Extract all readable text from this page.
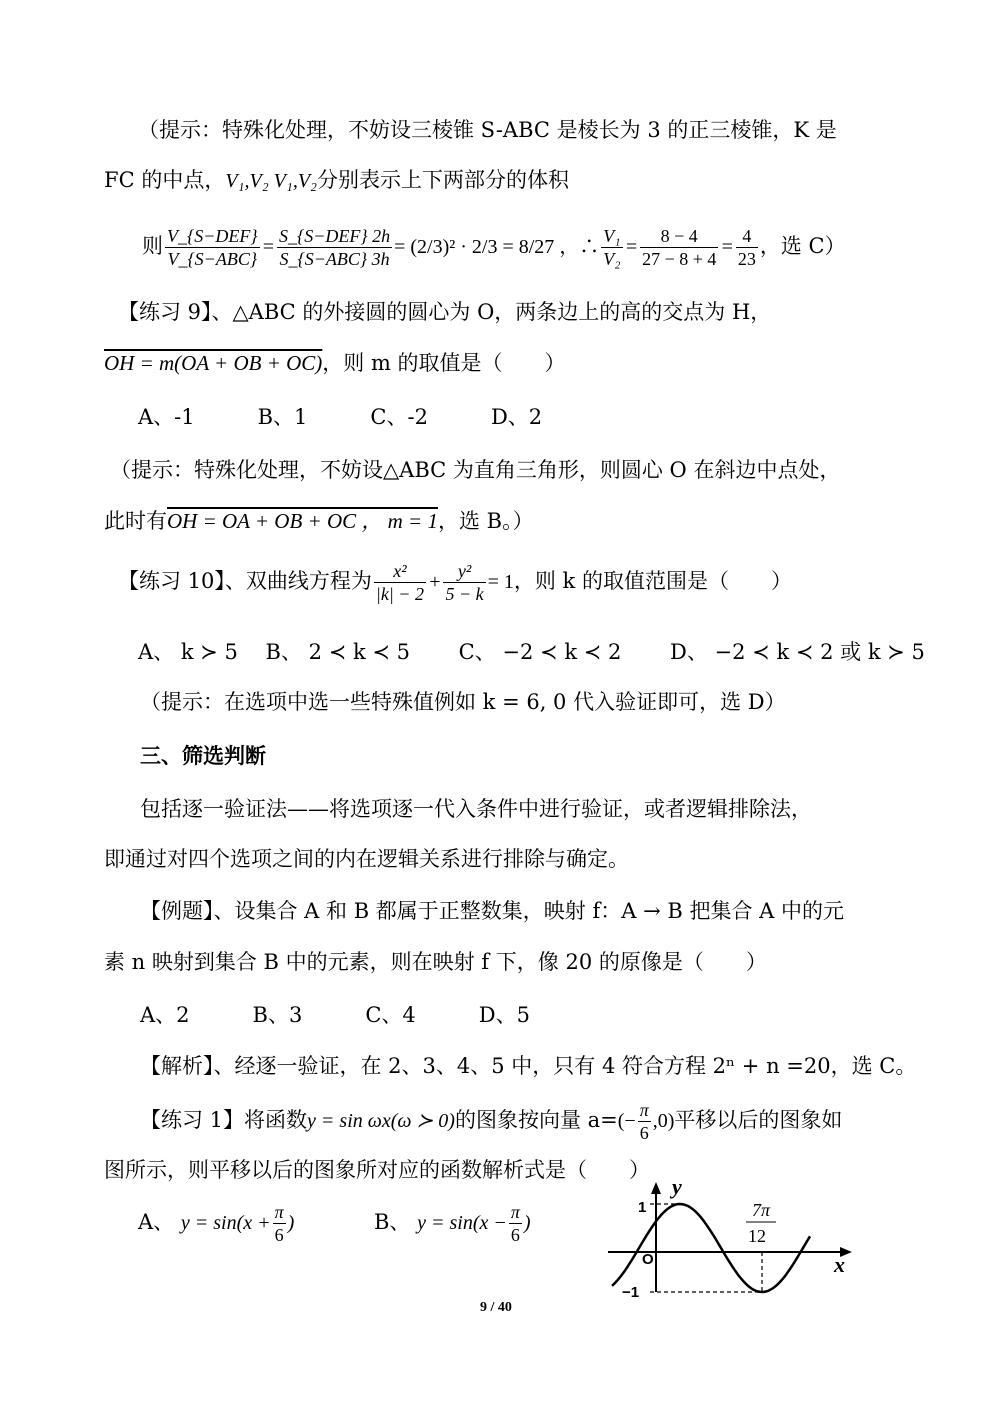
（提示：特殊化处理，不妨设三棱锥 S-ABC 是棱长为 3 的正三棱锥，K 是
FC 的中点，V₁,V₂ V₁,V₂分别表示上下两部分的体积
则 $\frac{\text{V\_\{S−DEF\}}}{\text{V\_\{S−ABC\}}} = \frac{\text{S\_\{S−DEF\} 2h}}{\text{S\_\{S−ABC\} 3h}} = (2/3)^2 \cdot 2/3 = 8/27$ ，∴ $\frac{\text{V₁}}{\text{V₂}} = \frac{8 - 4}{27 - 8 + 4} = \frac{4}{23}$ ，选 C）
【练习 9】、△ABC 的外接圆的圆心为 O，两条边上的高的交点为 H，
OH = m(OA + OB + OC)，则 m 的取值是（　　）
A、-1　　　B、1　　　C、-2　　　D、2
（提示：特殊化处理，不妨设△ABC 为直角三角形，则圆心 O 在斜边中点处，
此时有OH = OA + OB + OC ， m = 1，选 B。）
【练习 10】、双曲线方程为 $\frac{\text{x²}}{|k| - 2} + \frac{\text{y²}}{5 - k} = 1$，则 k 的取值范围是（　　）
A、 k ≻ 5　 B、 2 ≺ k ≺ 5　　 C、 −2 ≺ k ≺ 2　　 D、 −2 ≺ k ≺ 2 或 k ≻ 5
（提示：在选项中选一些特殊值例如 k = 6, 0 代入验证即可，选 D）
三、筛选判断
包括逐一验证法——将选项逐一代入条件中进行验证，或者逻辑排除法，
即通过对四个选项之间的内在逻辑关系进行排除与确定。
【例题】、设集合 A 和 B 都属于正整数集，映射 f：A → B 把集合 A 中的元
素 n 映射到集合 B 中的元素，则在映射 f 下，像 20 的原像是（　　）
A、2　　　B、3　　　C、4　　　D、5
【解析】、经逐一验证，在 2、3、4、5 中，只有 4 符合方程 2ⁿ + n =20，选 C。
【练习 1】将函数y = sin ωx(ω ≻ 0)的图象按向量 $a=(- \frac{\pi}{6} ,0)$平移以后的图象如
图所示，则平移以后的图象所对应的函数解析式是（　　）
A、 $y = \sin(x + \frac{\pi}{6}$ )	B、 $y = \sin(x - \frac{\pi}{6}$ )
y
x
O
1
−1
7π
12
9 / 40
